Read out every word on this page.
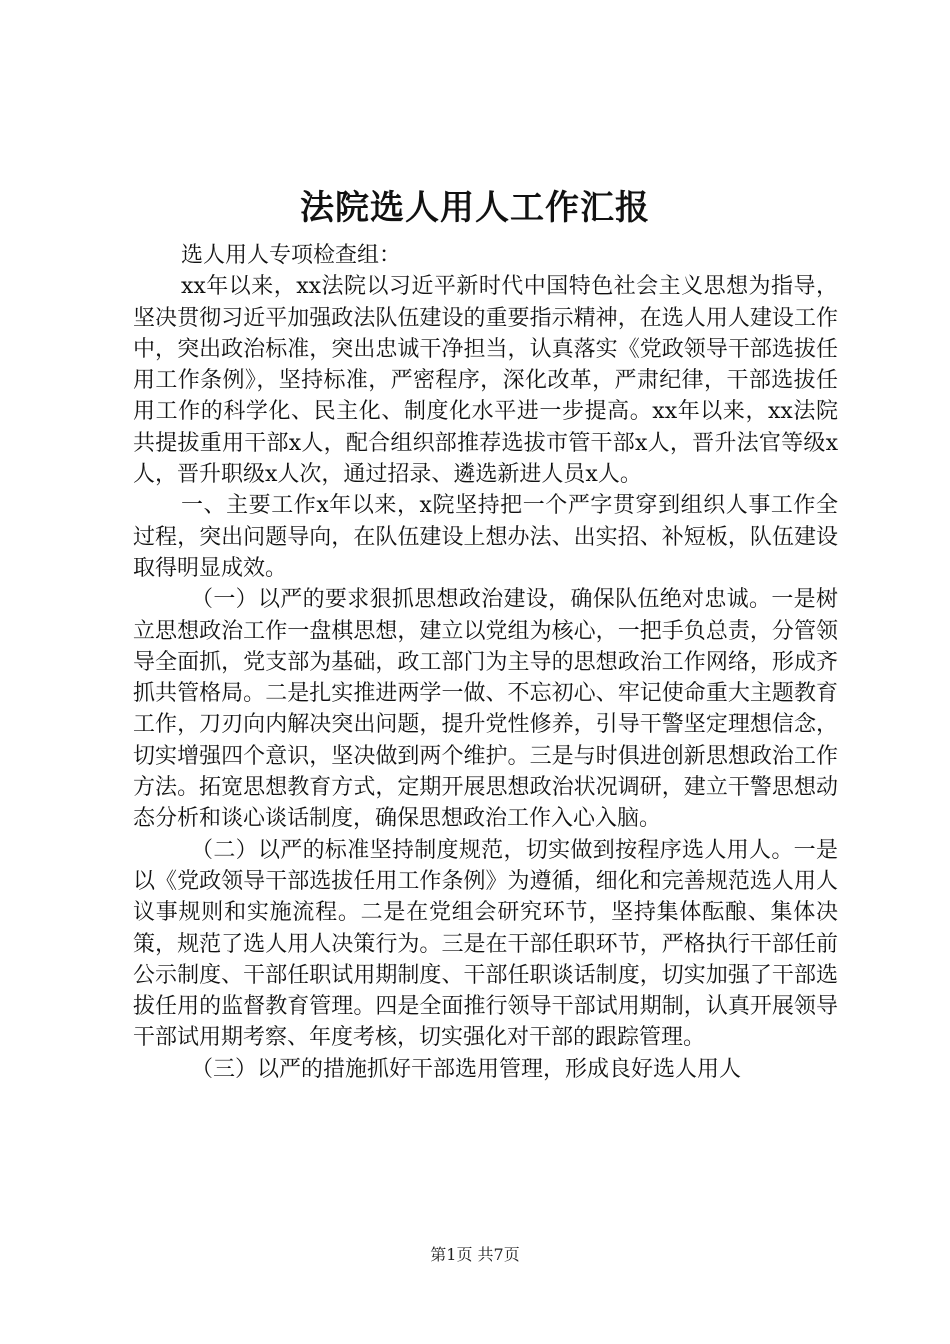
法院选人用人工作汇报

选人用人专项检查组：

xx年以来，xx法院以习近平新时代中国特色社会主义思想为指导，坚决贯彻习近平加强政法队伍建设的重要指示精神，在选人用人建设工作中，突出政治标准，突出忠诚干净担当，认真落实《党政领导干部选拔任用工作条例》，坚持标准，严密程序，深化改革，严肃纪律，干部选拔任用工作的科学化、民主化、制度化水平进一步提高。xx年以来，xx法院共提拔重用干部x人，配合组织部推荐选拔市管干部x人，晋升法官等级x人，晋升职级x人次，通过招录、遴选新进人员x人。

一、主要工作x年以来，x院坚持把一个严字贯穿到组织人事工作全过程，突出问题导向，在队伍建设上想办法、出实招、补短板，队伍建设取得明显成效。

（一）以严的要求狠抓思想政治建设，确保队伍绝对忠诚。一是树立思想政治工作一盘棋思想，建立以党组为核心，一把手负总责，分管领导全面抓，党支部为基础，政工部门为主导的思想政治工作网络，形成齐抓共管格局。二是扎实推进两学一做、不忘初心、牢记使命重大主题教育工作，刀刃向内解决突出问题，提升党性修养，引导干警坚定理想信念，切实增强四个意识，坚决做到两个维护。三是与时俱进创新思想政治工作方法。拓宽思想教育方式，定期开展思想政治状况调研，建立干警思想动态分析和谈心谈话制度，确保思想政治工作入心入脑。

（二）以严的标准坚持制度规范，切实做到按程序选人用人。一是以《党政领导干部选拔任用工作条例》为遵循，细化和完善规范选人用人议事规则和实施流程。二是在党组会研究环节，坚持集体酝酿、集体决策，规范了选人用人决策行为。三是在干部任职环节，严格执行干部任前公示制度、干部任职试用期制度、干部任职谈话制度，切实加强了干部选拔任用的监督教育管理。四是全面推行领导干部试用期制，认真开展领导干部试用期考察、年度考核，切实强化对干部的跟踪管理。

（三）以严的措施抓好干部选用管理，形成良好选人用人

第1页 共7页
